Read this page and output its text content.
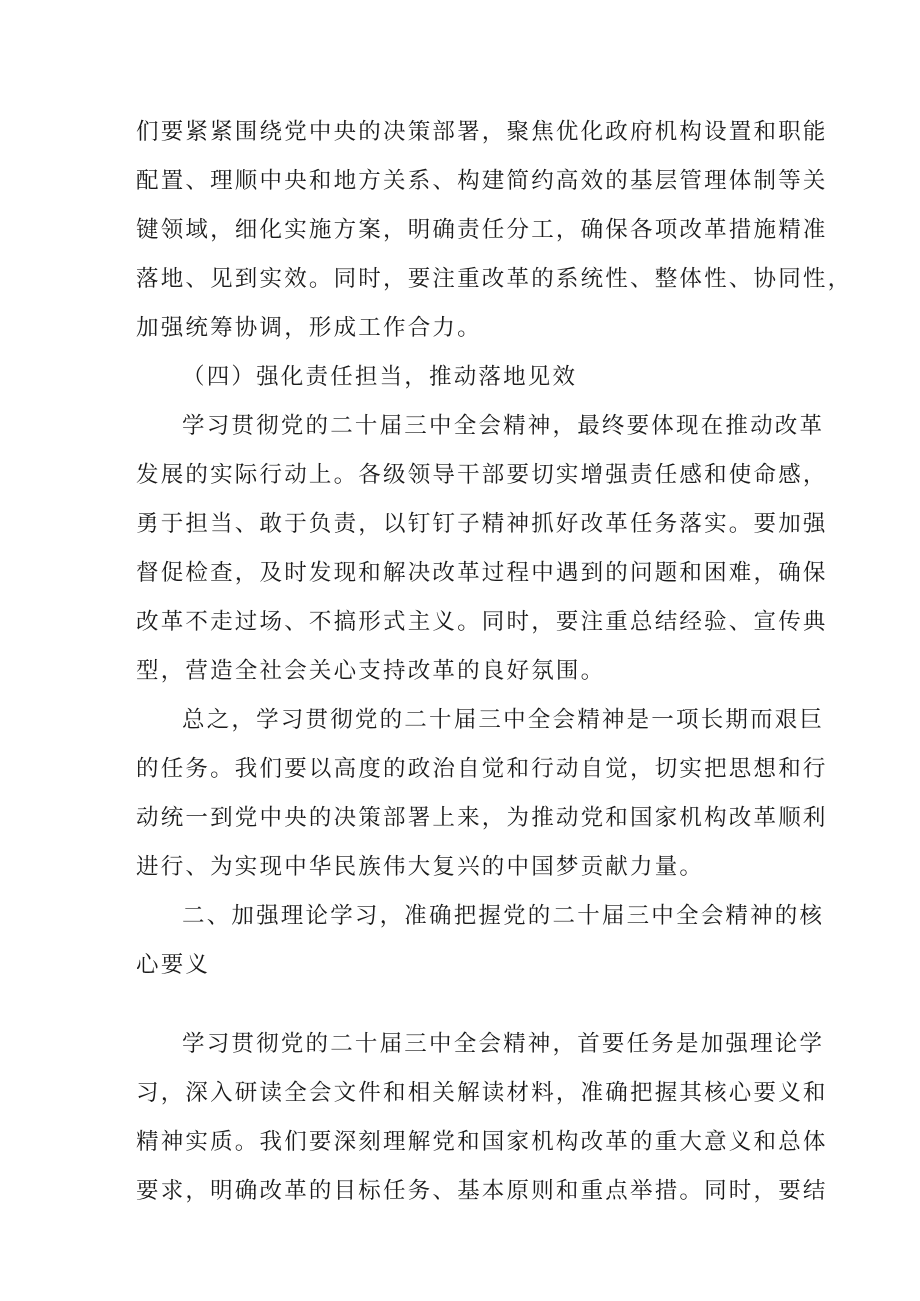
们要紧紧围绕党中央的决策部署，聚焦优化政府机构设置和职能
配置、理顺中央和地方关系、构建简约高效的基层管理体制等关
键领域，细化实施方案，明确责任分工，确保各项改革措施精准
落地、见到实效。同时，要注重改革的系统性、整体性、协同性，
加强统筹协调，形成工作合力。
（四）强化责任担当，推动落地见效
学习贯彻党的二十届三中全会精神，最终要体现在推动改革
发展的实际行动上。各级领导干部要切实增强责任感和使命感，
勇于担当、敢于负责，以钉钉子精神抓好改革任务落实。要加强
督促检查，及时发现和解决改革过程中遇到的问题和困难，确保
改革不走过场、不搞形式主义。同时，要注重总结经验、宣传典
型，营造全社会关心支持改革的良好氛围。
总之，学习贯彻党的二十届三中全会精神是一项长期而艰巨
的任务。我们要以高度的政治自觉和行动自觉，切实把思想和行
动统一到党中央的决策部署上来，为推动党和国家机构改革顺利
进行、为实现中华民族伟大复兴的中国梦贡献力量。
二、加强理论学习，准确把握党的二十届三中全会精神的核
心要义
学习贯彻党的二十届三中全会精神，首要任务是加强理论学
习，深入研读全会文件和相关解读材料，准确把握其核心要义和
精神实质。我们要深刻理解党和国家机构改革的重大意义和总体
要求，明确改革的目标任务、基本原则和重点举措。同时，要结
